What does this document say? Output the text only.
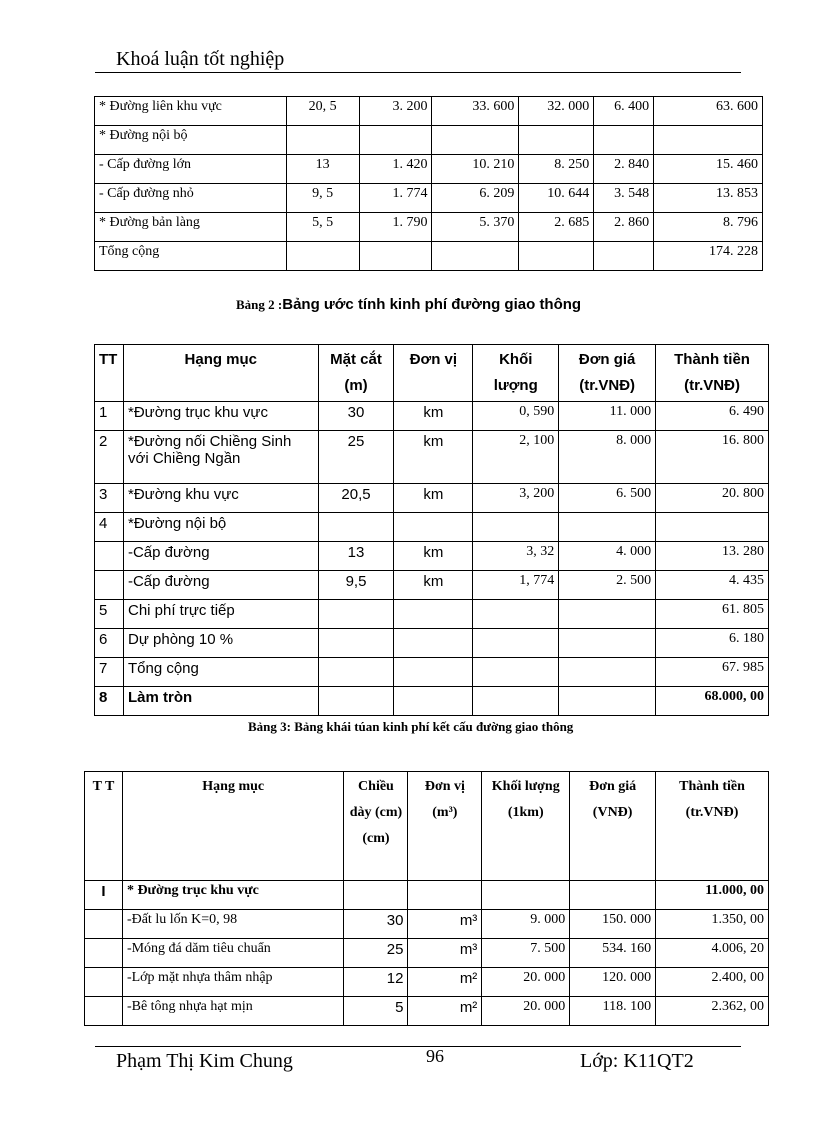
Khoá luận tốt nghiệp
* Đường liên khu vực	20, 5	3. 200	33. 600	32. 000	6. 400	63. 600
* Đường nội bộ						
- Cấp đường lớn	13	1. 420	10. 210	8. 250	2. 840	15. 460
- Cấp đường nhỏ	9, 5	1. 774	6. 209	10. 644	3. 548	13. 853
* Đường bản làng	5, 5	1. 790	5. 370	2. 685	2. 860	8. 796
Tổng cộng						174. 228
Bảng 2 :Bảng ước tính kinh phí đường giao thông
TT	Hạng mục	Mặt cắt (m)	Đơn vị	Khối lượng	Đơn giá (tr.VNĐ)	Thành tiền (tr.VNĐ)
1	*Đường trục khu vực	30	km	0, 590	11. 000	6. 490
2	*Đường nối Chiềng Sinh với Chiềng Ngần	25	km	2, 100	8. 000	16. 800
3	*Đường khu vực	20,5	km	3, 200	6. 500	20. 800
4	*Đường nội bộ					
	-Cấp đường	13	km	3, 32	4. 000	13. 280
	-Cấp đường	9,5	km	1, 774	2. 500	4. 435
5	Chi phí trực tiếp					61. 805
6	Dự phòng 10 %					6. 180
7	Tổng cộng					67. 985
8	Làm tròn					68.000, 00
Bảng 3: Bảng khái túan kinh phí kết cấu đường giao thông
T T	Hạng mục	Chiều dày (cm) (cm)	Đơn vị (m³)	Khối lượng (1km)	Đơn giá (VNĐ)	Thành tiền (tr.VNĐ)
I	* Đường trục khu vực					11.000, 00
	-Đất lu lốn K=0, 98	30	m³	9. 000	150. 000	1.350, 00
	-Móng đá dăm tiêu chuẩn	25	m³	7. 500	534. 160	4.006, 20
	-Lớp mặt nhựa thâm nhập	12	m²	20. 000	120. 000	2.400, 00
	-Bê tông nhựa hạt mịn	5	m²	20. 000	118. 100	2.362, 00
Phạm Thị Kim Chung	96	Lớp: K11QT2
